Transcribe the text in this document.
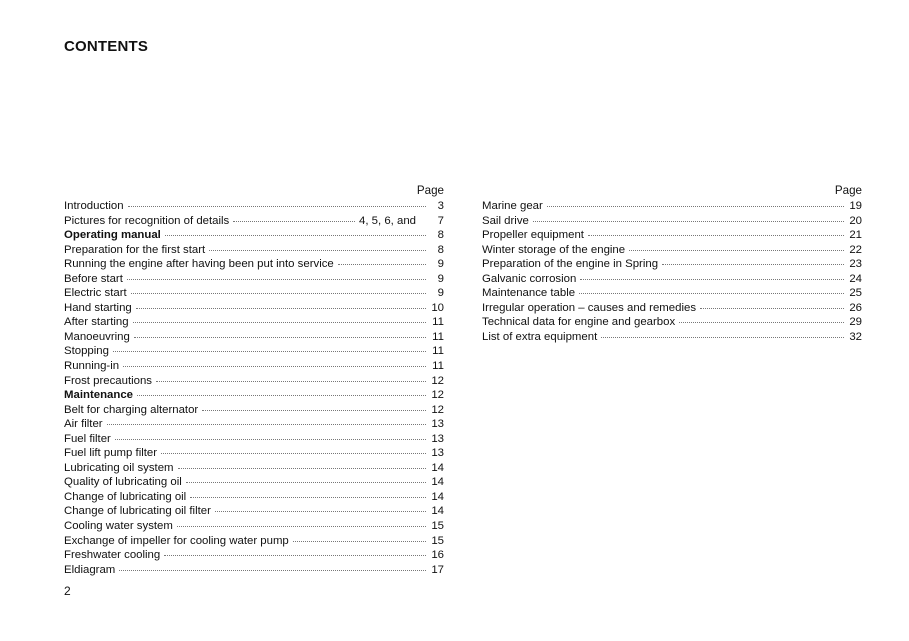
CONTENTS
Page
Introduction	3
Pictures for recognition of details	4, 5, 6, and	7
Operating manual	8
Preparation for the first start	8
Running the engine after having been put into service	9
Before start	9
Electric start	9
Hand starting	10
After starting	11
Manoeuvring	11
Stopping	11
Running-in	11
Frost precautions	12
Maintenance	12
Belt for charging alternator	12
Air filter	13
Fuel filter	13
Fuel lift pump filter	13
Lubricating oil system	14
Quality of lubricating oil	14
Change of lubricating oil	14
Change of lubricating oil filter	14
Cooling water system	15
Exchange of impeller for cooling water pump	15
Freshwater cooling	16
Eldiagram	17
Page
Marine gear	19
Sail drive	20
Propeller equipment	21
Winter storage of the engine	22
Preparation of the engine in Spring	23
Galvanic corrosion	24
Maintenance table	25
Irregular operation – causes and remedies	26
Technical data for engine and gearbox	29
List of extra equipment	32
2
